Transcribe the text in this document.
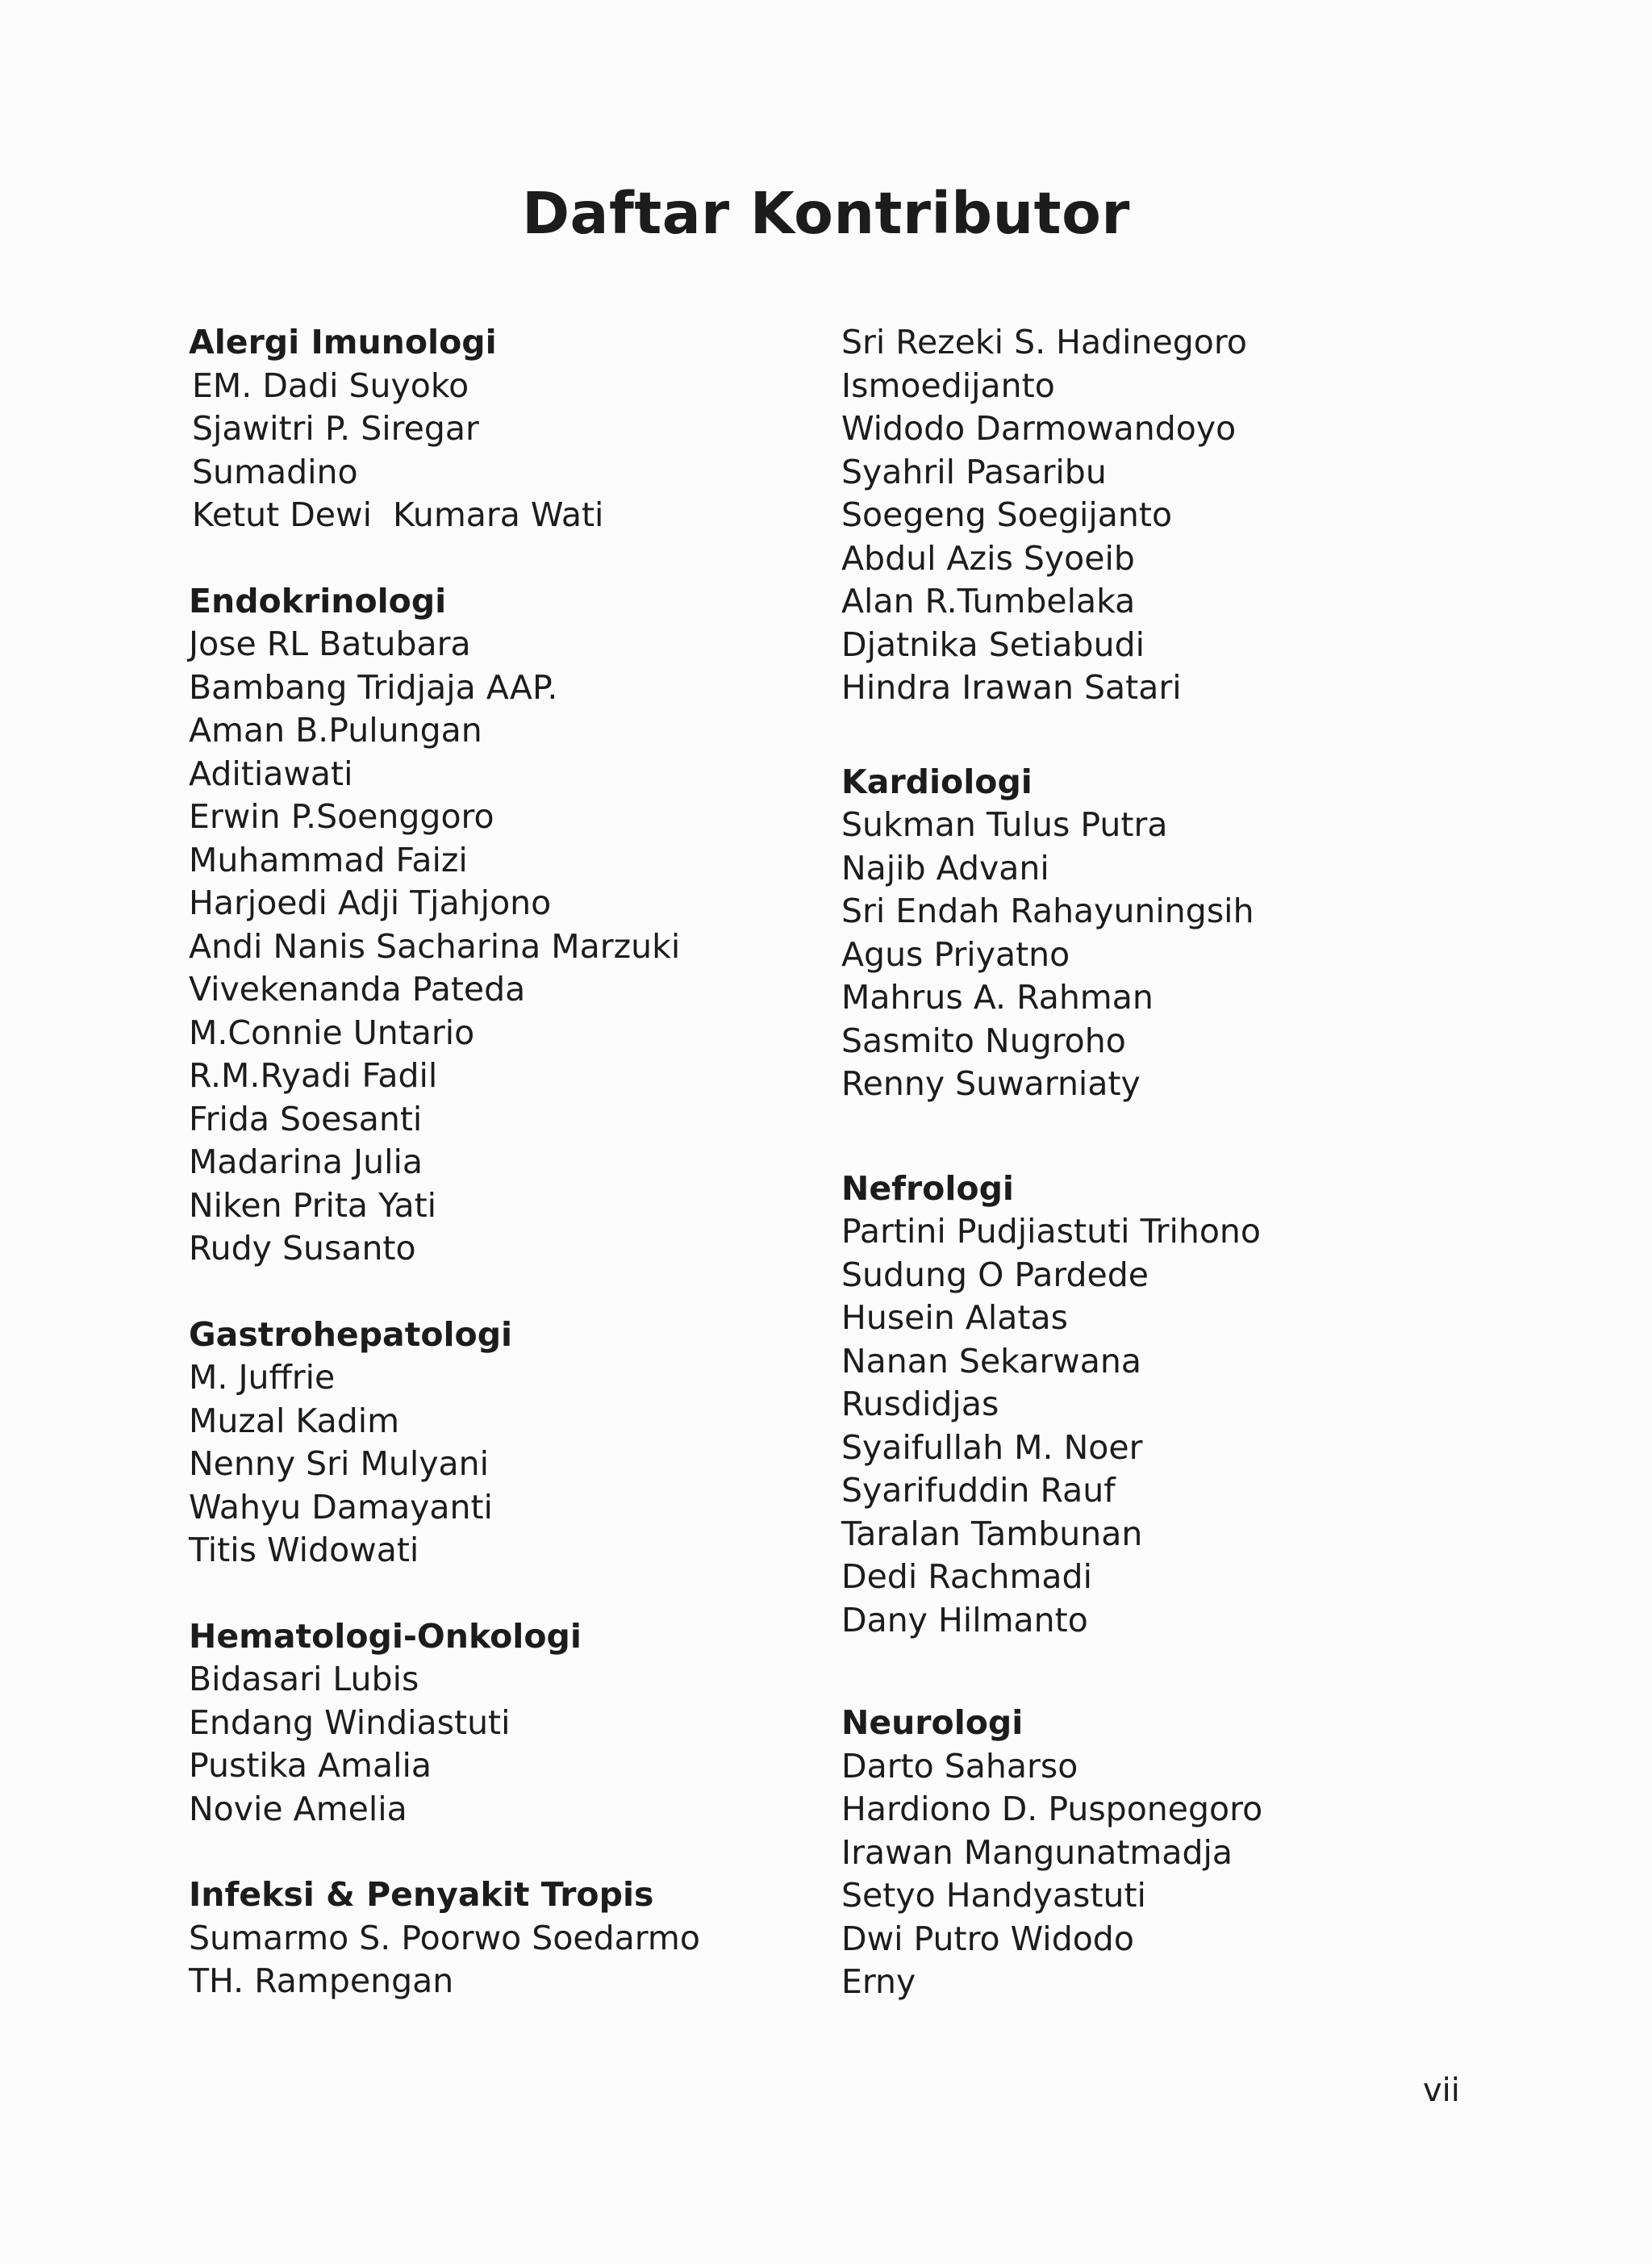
Daftar Kontributor
Alergi Imunologi
EM. Dadi Suyoko
Sjawitri P. Siregar
Sumadino
Ketut Dewi  Kumara Wati
Endokrinologi
Jose RL Batubara
Bambang Tridjaja AAP.
Aman B.Pulungan
Aditiawati
Erwin P.Soenggoro
Muhammad Faizi
Harjoedi Adji Tjahjono
Andi Nanis Sacharina Marzuki
Vivekenanda Pateda
M.Connie Untario
R.M.Ryadi Fadil
Frida Soesanti
Madarina Julia
Niken Prita Yati
Rudy Susanto
Gastrohepatologi
M. Juffrie
Muzal Kadim
Nenny Sri Mulyani
Wahyu Damayanti
Titis Widowati
Hematologi-Onkologi
Bidasari Lubis
Endang Windiastuti
Pustika Amalia
Novie Amelia
Infeksi & Penyakit Tropis
Sumarmo S. Poorwo Soedarmo
TH. Rampengan
Sri Rezeki S. Hadinegoro
Ismoedijanto
Widodo Darmowandoyo
Syahril Pasaribu
Soegeng Soegijanto
Abdul Azis Syoeib
Alan R.Tumbelaka
Djatnika Setiabudi
Hindra Irawan Satari
Kardiologi
Sukman Tulus Putra
Najib Advani
Sri Endah Rahayuningsih
Agus Priyatno
Mahrus A. Rahman
Sasmito Nugroho
Renny Suwarniaty
Nefrologi
Partini Pudjiastuti Trihono
Sudung O Pardede
Husein Alatas
Nanan Sekarwana
Rusdidjas
Syaifullah M. Noer
Syarifuddin Rauf
Taralan Tambunan
Dedi Rachmadi
Dany Hilmanto
Neurologi
Darto Saharso
Hardiono D. Pusponegoro
Irawan Mangunatmadja
Setyo Handyastuti
Dwi Putro Widodo
Erny
vii
